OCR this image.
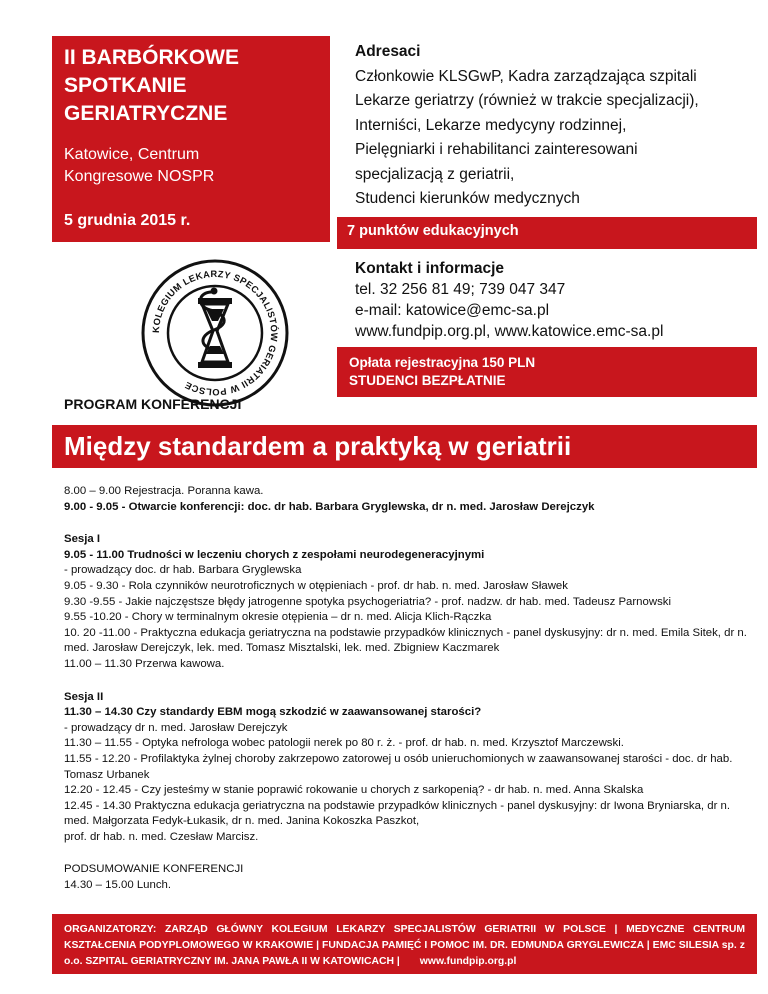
II BARBÓRKOWE
SPOTKANIE
GERIATRYCZNE
Katowice, Centrum
Kongresowe NOSPR
5 grudnia 2015 r.
Adresaci
Członkowie KLSGwP, Kadra zarządzająca szpitali
Lekarze geriatrzy (również w trakcie specjalizacji),
Interniści, Lekarze medycyny rodzinnej,
Pielęgniarki i rehabilitanci zainteresowani
specjalizacją z geriatrii,
Studenci kierunków medycznych
7 punktów edukacyjnych
Kontakt i informacje
tel. 32 256 81 49; 739 047 347
e-mail: katowice@emc-sa.pl
www.fundpip.org.pl, www.katowice.emc-sa.pl
Opłata rejestracyjna 150 PLN
STUDENCI BEZPŁATNIE
KOLEGIUM LEKARZY SPECJALISTÓW GERIATRII W POLSCE
PROGRAM KONFERENCJI
Między standardem a praktyką w geriatrii

8.00 – 9.00 Rejestracja. Poranna kawa.

9.00 - 9.05 - Otwarcie konferencji: doc. dr hab. Barbara Gryglewska, dr n. med. Jarosław Derejczyk

Sesja I

9.05 - 11.00 Trudności w leczeniu chorych z zespołami neurodegeneracyjnymi

- prowadzący doc. dr hab. Barbara Gryglewska

9.05 - 9.30 - Rola czynników neurotroficznych w otępieniach - prof. dr hab. n. med. Jarosław Sławek

9.30 -9.55 - Jakie najczęstsze błędy jatrogenne spotyka psychogeriatria? - prof. nadzw. dr hab. med. Tadeusz Parnowski

9.55 -10.20 - Chory w terminalnym okresie otępienia – dr n. med. Alicja Klich-Rączka

10. 20 -11.00 - Praktyczna edukacja geriatryczna na podstawie przypadków klinicznych - panel dyskusyjny: dr n. med. Emila Sitek, dr n. med. Jarosław Derejczyk, lek. med. Tomasz Misztalski, lek. med. Zbigniew Kaczmarek

11.00 – 11.30 Przerwa kawowa.

Sesja II

11.30 – 14.30 Czy standardy EBM mogą szkodzić w zaawansowanej starości?

- prowadzący dr n. med. Jarosław Derejczyk

11.30 – 11.55 - Optyka nefrologa wobec patologii nerek po 80 r. ż. - prof. dr hab. n. med. Krzysztof Marczewski.

11.55 - 12.20 - Profilaktyka żylnej choroby zakrzepowo zatorowej u osób unieruchomionych w zaawansowanej starości - doc. dr hab. Tomasz Urbanek

12.20 - 12.45 - Czy jesteśmy w stanie poprawić rokowanie u chorych z sarkopenią? - dr hab. n. med. Anna Skalska

12.45 - 14.30 Praktyczna edukacja geriatryczna na podstawie przypadków klinicznych - panel dyskusyjny: dr Iwona Bryniarska, dr n. med. Małgorzata Fedyk-Łukasik, dr n. med. Janina Kokoszka Paszkot,

prof. dr hab. n. med. Czesław Marcisz.

PODSUMOWANIE KONFERENCJI

14.30 – 15.00 Lunch.

ORGANIZATORZY: ZARZĄD GŁÓWNY KOLEGIUM LEKARZY SPECJALISTÓW GERIATRII W POLSCE | MEDYCZNE CENTRUM KSZTAŁCENIA PODYPLOMOWEGO W KRAKOWIE | FUNDACJA PAMIĘĆ I POMOC IM. DR. EDMUNDA GRYGLEWICZA | EMC SILESIA sp. z o.o. SZPITAL GERIATRYCZNY IM. JANA PAWŁA II W KATOWICACH | www.fundpip.org.pl
